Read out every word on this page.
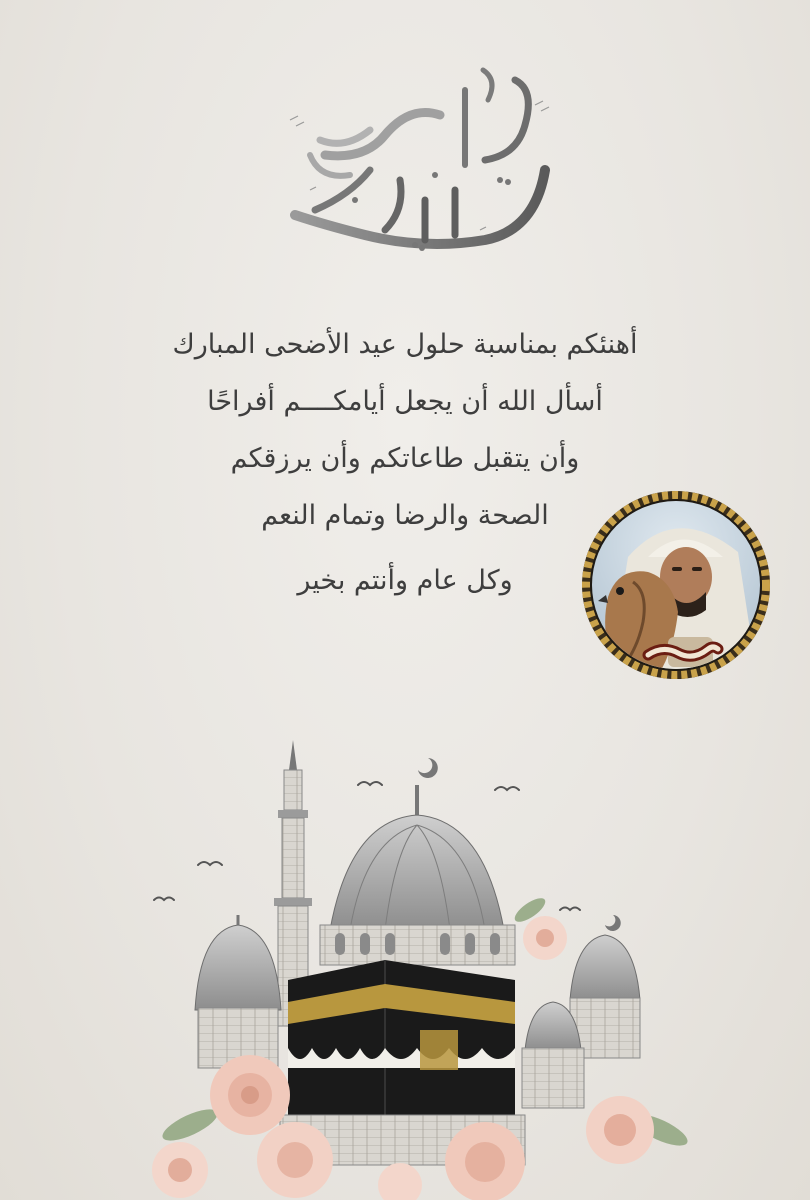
أهنئكم بمناسبة حلول عيد الأضحى المبارك
أسأل الله أن يجعل أيامكــــم أفراحًا
وأن يتقبل طاعاتكم وأن يرزقكم
الصحة والرضا وتمام النعم
وكل عام وأنتم بخير
